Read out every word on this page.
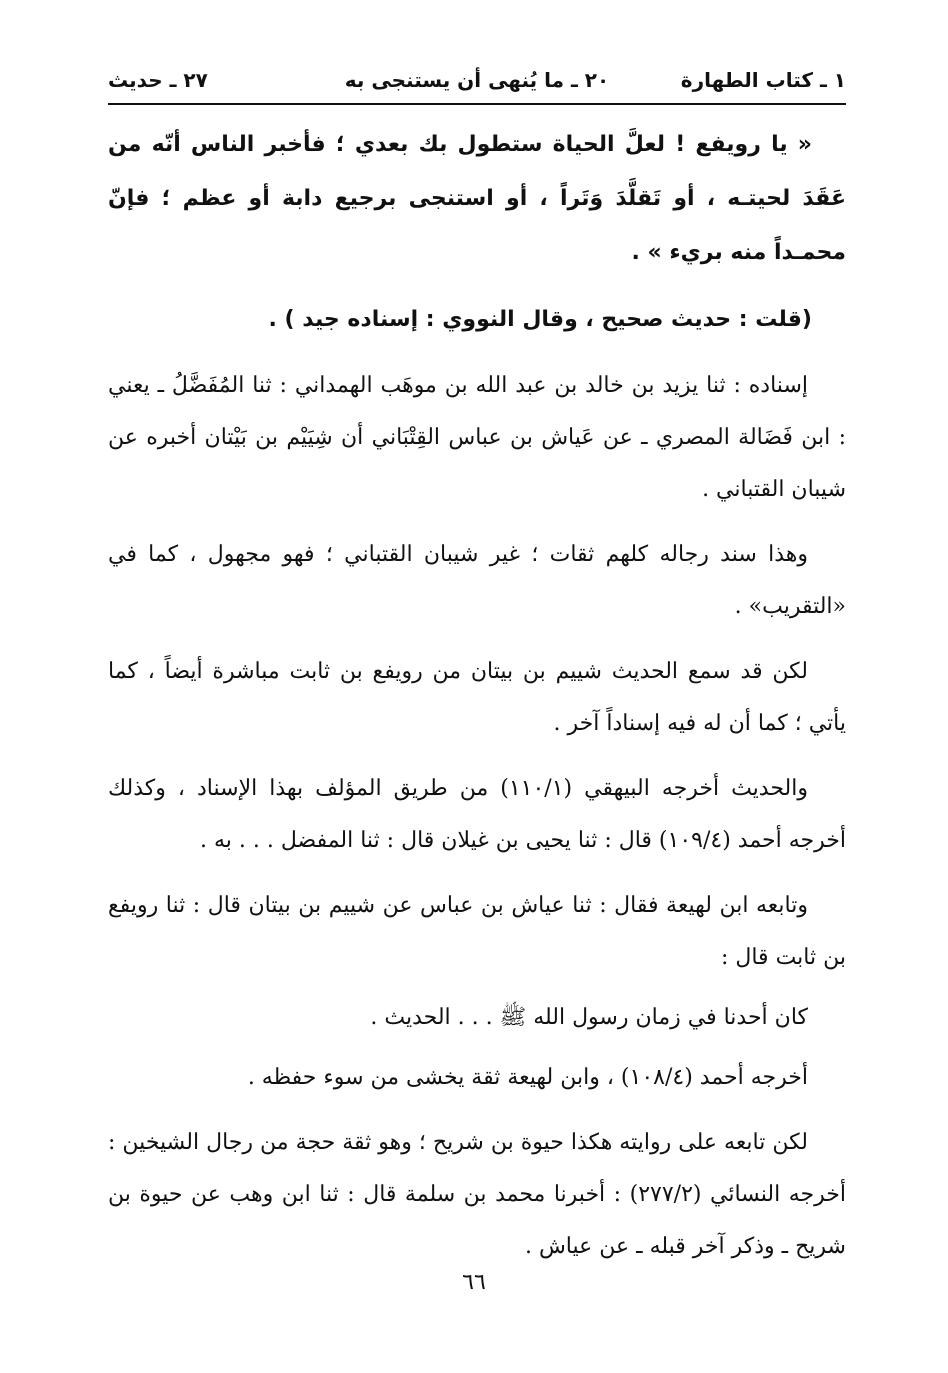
١ ـ كتاب الطهارة
٢٠ ـ ما يُنهى أن يستنجى به
٢٧ ـ حديث

« يا رويفع ! لعلَّ الحياة ستطول بك بعدي ؛ فأخبر الناس أنّه من عَقَدَ لحيتـه ، أو تَقلَّدَ وَتَراً ، أو استنجى برجيع دابة أو عظم ؛ فإنّ محمـداً منه بريء » .

(قلت : حديث صحيح ، وقال النووي : إسناده جيد ) .

إسناده : ثنا يزيد بن خالد بن عبد الله بن موهَب الهمداني : ثنا المُفَضَّلُ ـ يعني : ابن فَضَالة المصري ـ عن عَياش بن عباس القِتْبَاني أن شِيَيْم بن بَيْتان أخبره عن شيبان القتباني .

وهذا سند رجاله كلهم ثقات ؛ غير شيبان القتباني ؛ فهو مجهول ، كما في «التقريب» .

لكن قد سمع الحديث شييم بن بيتان من رويفع بن ثابت مباشرة أيضاً ، كما يأتي ؛ كما أن له فيه إسناداً آخر .

والحديث أخرجه البيهقي (١١٠/١) من طريق المؤلف بهذا الإسناد ، وكذلك أخرجه أحمد (١٠٩/٤) قال : ثنا يحيى بن غيلان قال : ثنا المفضل . . . به .

وتابعه ابن لهيعة فقال : ثنا عياش بن عباس عن شييم بن بيتان قال : ثنا رويفع بن ثابت قال :

كان أحدنا في زمان رسول الله ﷺ . . . الحديث .

أخرجه أحمد (١٠٨/٤) ، وابن لهيعة ثقة يخشى من سوء حفظه .

لكن تابعه على روايته هكذا حيوة بن شريح ؛ وهو ثقة حجة من رجال الشيخين : أخرجه النسائي (٢٧٧/٢) : أخبرنا محمد بن سلمة قال : ثنا ابن وهب عن حيوة بن شريح ـ وذكر آخر قبله ـ عن عياش .

٦٦
